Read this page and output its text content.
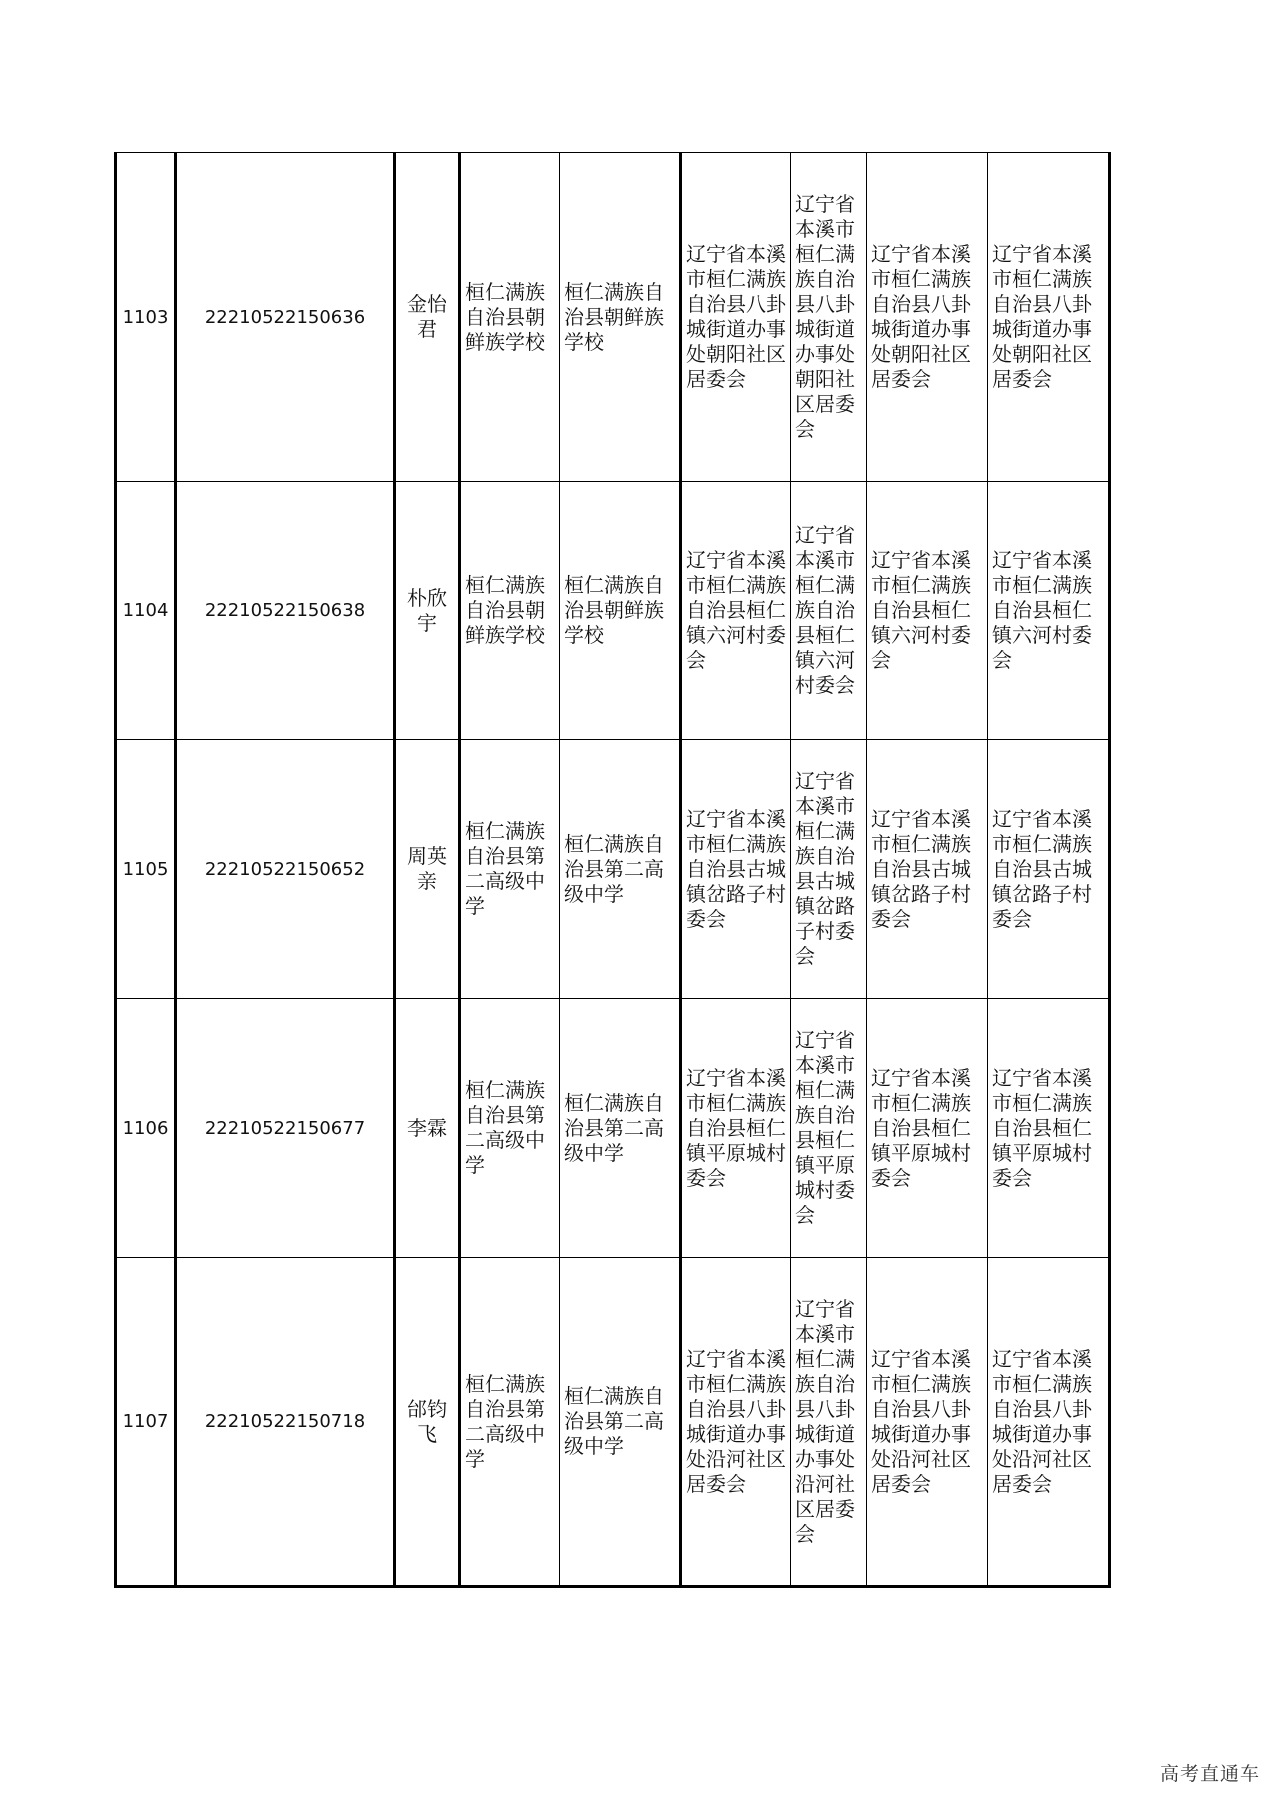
1103	22210522150636	金怡君	桓仁满族自治县朝鲜族学校	桓仁满族自治县朝鲜族学校	辽宁省本溪市桓仁满族自治县八卦城街道办事处朝阳社区居委会	辽宁省本溪市桓仁满族自治县八卦城街道办事处朝阳社区居委会	辽宁省本溪市桓仁满族自治县八卦城街道办事处朝阳社区居委会	辽宁省本溪市桓仁满族自治县八卦城街道办事处朝阳社区居委会
1104	22210522150638	朴欣宇	桓仁满族自治县朝鲜族学校	桓仁满族自治县朝鲜族学校	辽宁省本溪市桓仁满族自治县桓仁镇六河村委会	辽宁省本溪市桓仁满族自治县桓仁镇六河村委会	辽宁省本溪市桓仁满族自治县桓仁镇六河村委会	辽宁省本溪市桓仁满族自治县桓仁镇六河村委会
1105	22210522150652	周英亲	桓仁满族自治县第二高级中学	桓仁满族自治县第二高级中学	辽宁省本溪市桓仁满族自治县古城镇岔路子村委会	辽宁省本溪市桓仁满族自治县古城镇岔路子村委会	辽宁省本溪市桓仁满族自治县古城镇岔路子村委会	辽宁省本溪市桓仁满族自治县古城镇岔路子村委会
1106	22210522150677	李霖	桓仁满族自治县第二高级中学	桓仁满族自治县第二高级中学	辽宁省本溪市桓仁满族自治县桓仁镇平原城村委会	辽宁省本溪市桓仁满族自治县桓仁镇平原城村委会	辽宁省本溪市桓仁满族自治县桓仁镇平原城村委会	辽宁省本溪市桓仁满族自治县桓仁镇平原城村委会
1107	22210522150718	邰钧飞	桓仁满族自治县第二高级中学	桓仁满族自治县第二高级中学	辽宁省本溪市桓仁满族自治县八卦城街道办事处沿河社区居委会	辽宁省本溪市桓仁满族自治县八卦城街道办事处沿河社区居委会	辽宁省本溪市桓仁满族自治县八卦城街道办事处沿河社区居委会	辽宁省本溪市桓仁满族自治县八卦城街道办事处沿河社区居委会
高考直通车
